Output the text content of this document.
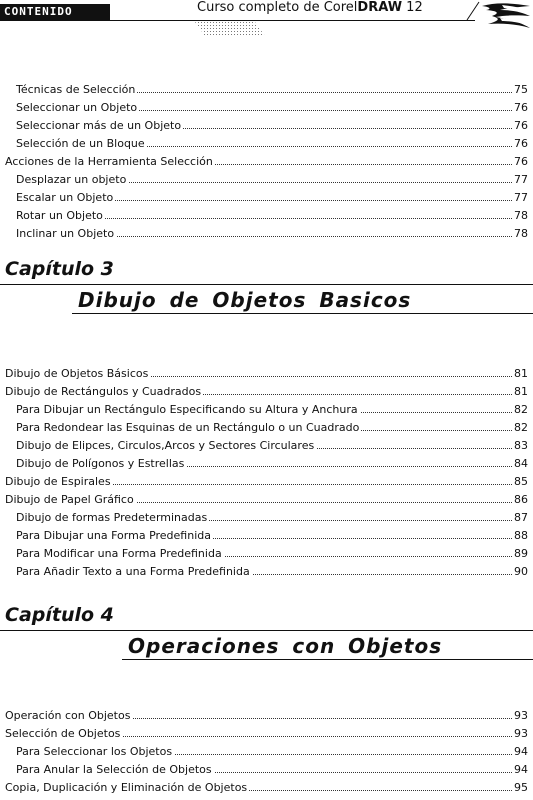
CONTENIDO	Curso completo de CorelDRAW 12
Técnicas de Selección	75
Seleccionar un Objeto	76
Seleccionar más de un Objeto	76
Selección de un Bloque	76
Acciones de la Herramienta Selección	76
Desplazar un objeto	77
Escalar un Objeto	77
Rotar un Objeto	78
Inclinar un Objeto	78
Capítulo 3
Dibujo de Objetos Basicos
Dibujo de Objetos Básicos	81
Dibujo de Rectángulos y Cuadrados	81
Para Dibujar un Rectángulo Especificando su Altura y Anchura	82
Para Redondear las Esquinas de un Rectángulo o un Cuadrado	82
Dibujo de Elipces, Circulos,Arcos y Sectores Circulares	83
Dibujo de Polígonos y Estrellas	84
Dibujo de Espirales	85
Dibujo de Papel Gráfico	86
Dibujo de formas Predeterminadas	87
Para Dibujar una Forma Predefinida	88
Para Modificar una Forma Predefinida	89
Para Añadir Texto a una Forma Predefinida	90
Capítulo 4
Operaciones con Objetos
Operación con Objetos	93
Selección de Objetos	93
Para Seleccionar los Objetos	94
Para Anular la Selección de Objetos	94
Copia, Duplicación y Eliminación de Objetos	95
